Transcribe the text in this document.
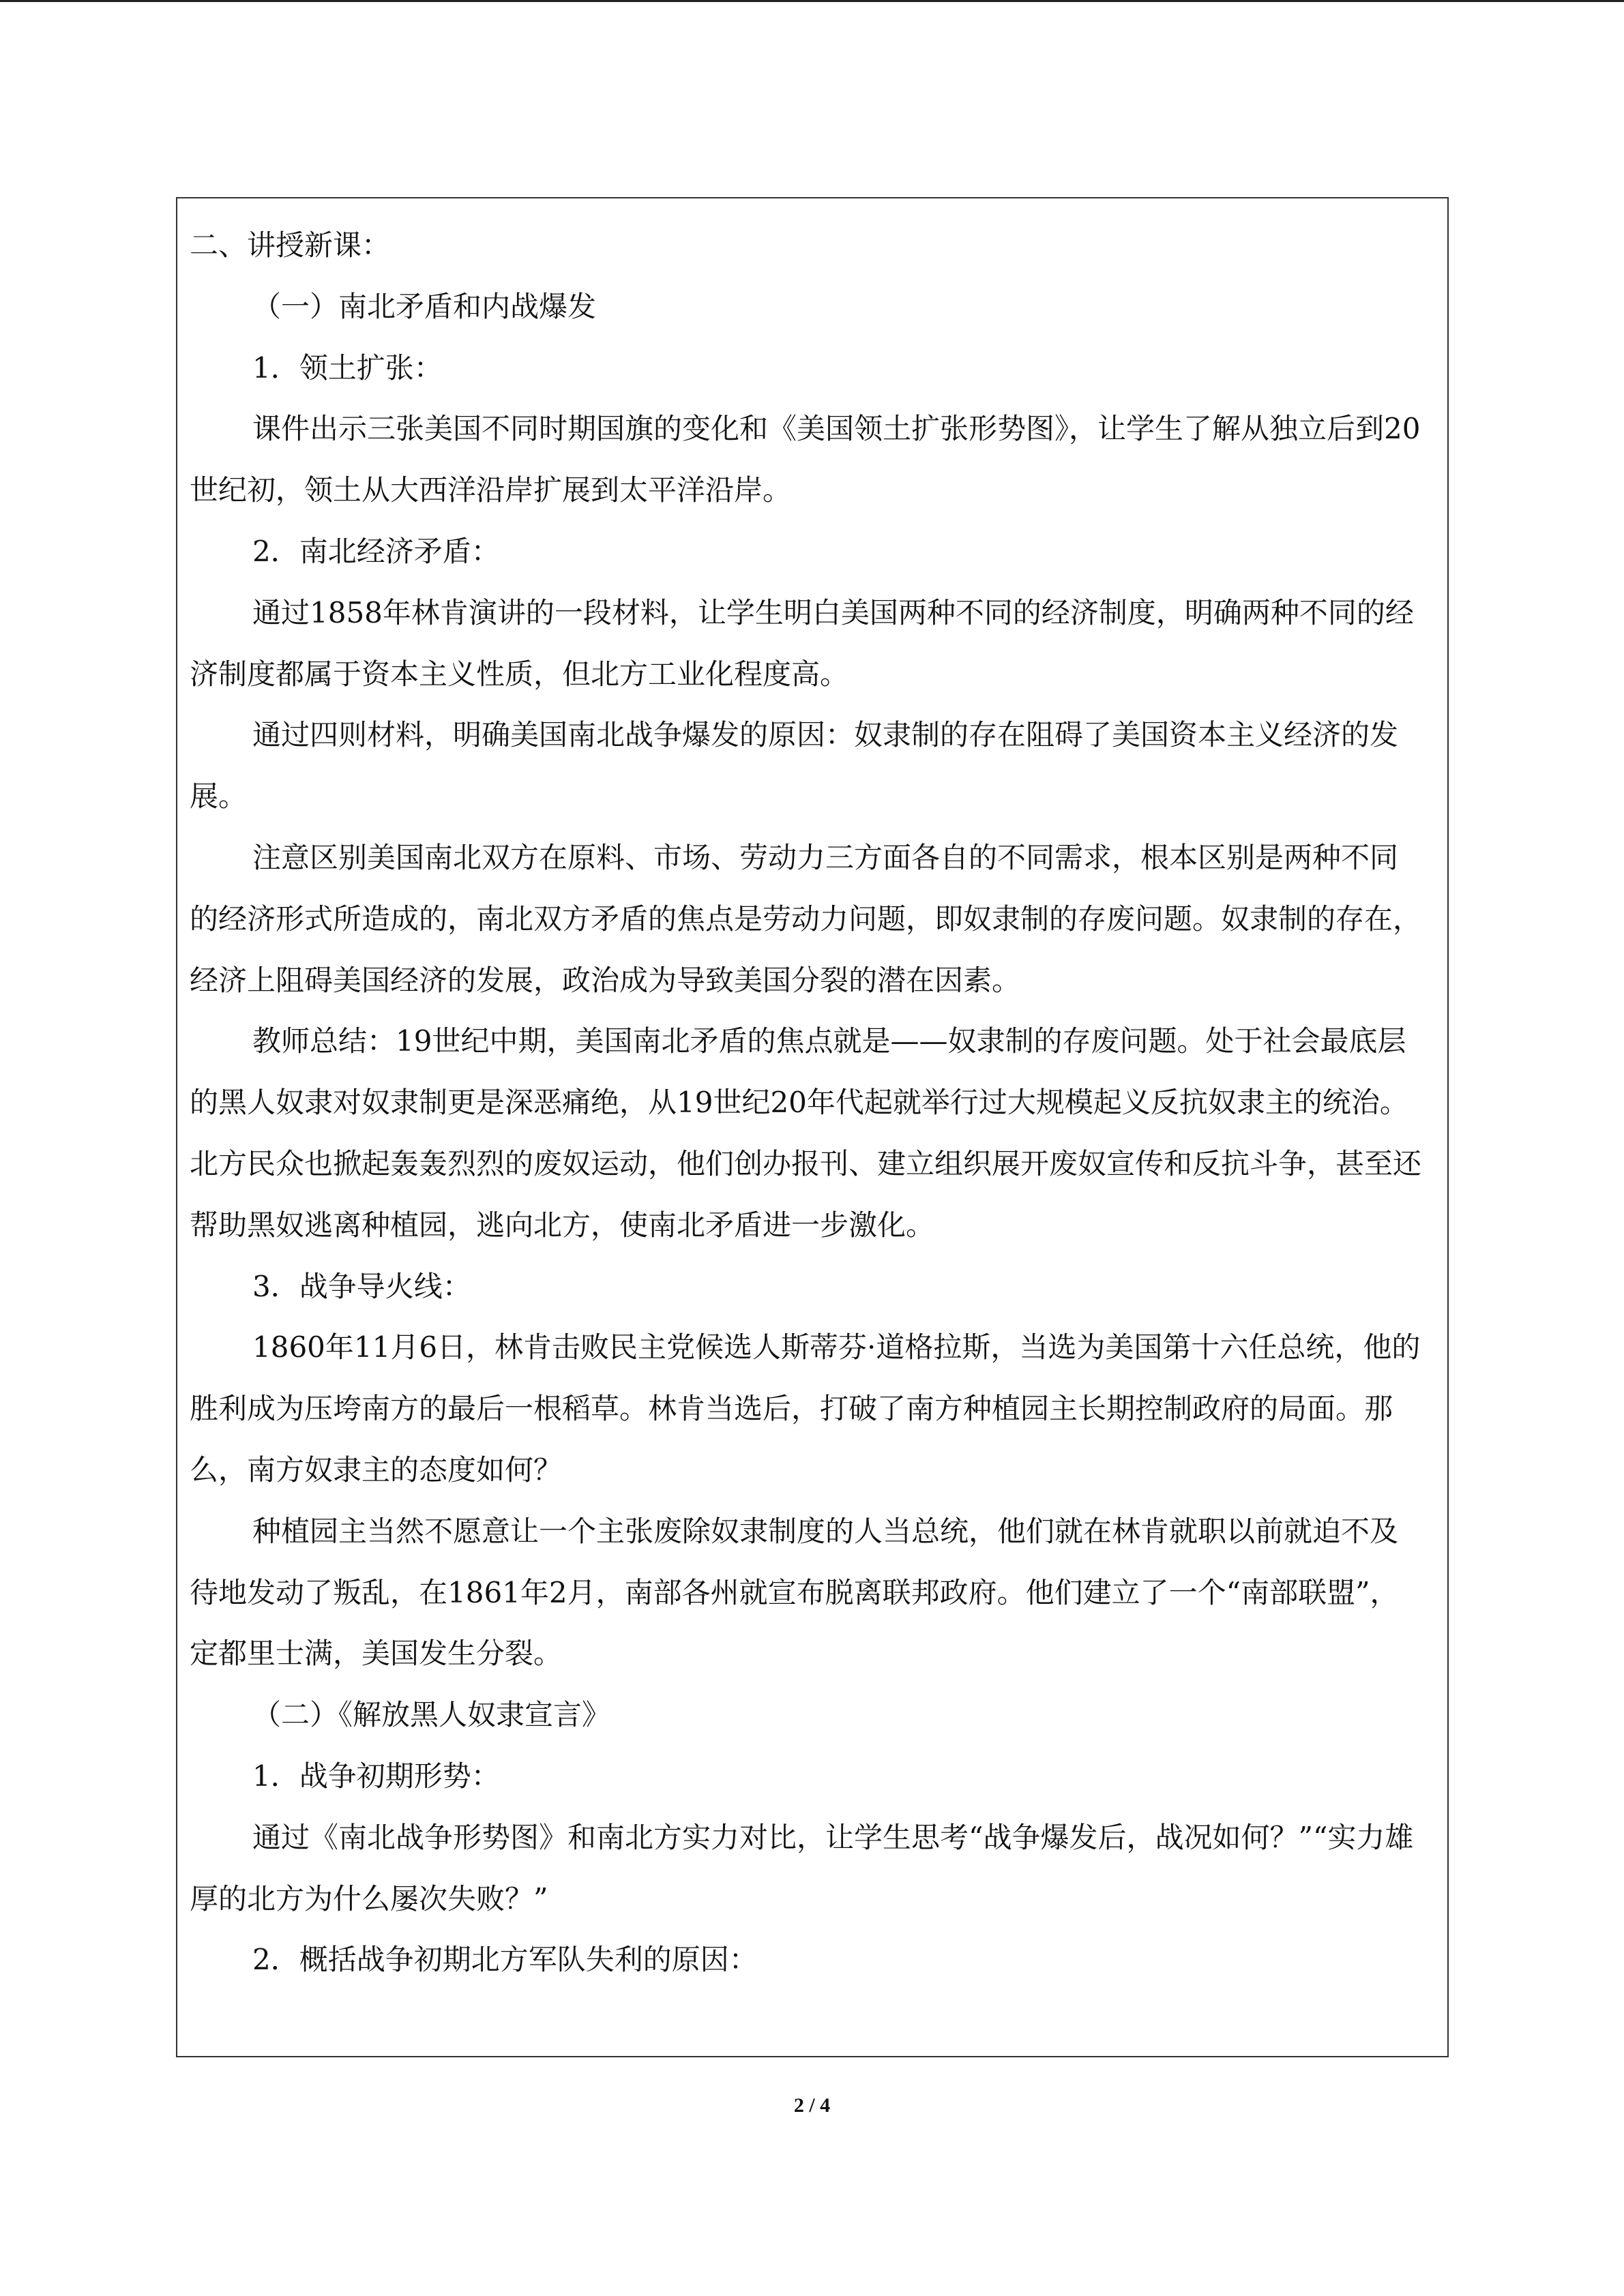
二、讲授新课：

（一）南北矛盾和内战爆发

1．领土扩张：

课件出示三张美国不同时期国旗的变化和《美国领土扩张形势图》，让学生了解从独立后到20世纪初，领土从大西洋沿岸扩展到太平洋沿岸。

2．南北经济矛盾：

通过1858年林肯演讲的一段材料，让学生明白美国两种不同的经济制度，明确两种不同的经济制度都属于资本主义性质，但北方工业化程度高。

通过四则材料，明确美国南北战争爆发的原因：奴隶制的存在阻碍了美国资本主义经济的发展。

注意区别美国南北双方在原料、市场、劳动力三方面各自的不同需求，根本区别是两种不同的经济形式所造成的，南北双方矛盾的焦点是劳动力问题，即奴隶制的存废问题。奴隶制的存在，经济上阻碍美国经济的发展，政治成为导致美国分裂的潜在因素。

教师总结：19世纪中期，美国南北矛盾的焦点就是——奴隶制的存废问题。处于社会最底层的黑人奴隶对奴隶制更是深恶痛绝，从19世纪20年代起就举行过大规模起义反抗奴隶主的统治。北方民众也掀起轰轰烈烈的废奴运动，他们创办报刊、建立组织展开废奴宣传和反抗斗争，甚至还帮助黑奴逃离种植园，逃向北方，使南北矛盾进一步激化。

3．战争导火线：

1860年11月6日，林肯击败民主党候选人斯蒂芬·道格拉斯，当选为美国第十六任总统，他的胜利成为压垮南方的最后一根稻草。林肯当选后，打破了南方种植园主长期控制政府的局面。那么，南方奴隶主的态度如何？

种植园主当然不愿意让一个主张废除奴隶制度的人当总统，他们就在林肯就职以前就迫不及待地发动了叛乱，在1861年2月，南部各州就宣布脱离联邦政府。他们建立了一个“南部联盟”，定都里士满，美国发生分裂。

（二）《解放黑人奴隶宣言》

1．战争初期形势：

通过《南北战争形势图》和南北方实力对比，让学生思考“战争爆发后，战况如何？”“实力雄厚的北方为什么屡次失败？”

2．概括战争初期北方军队失利的原因：

2 / 4
